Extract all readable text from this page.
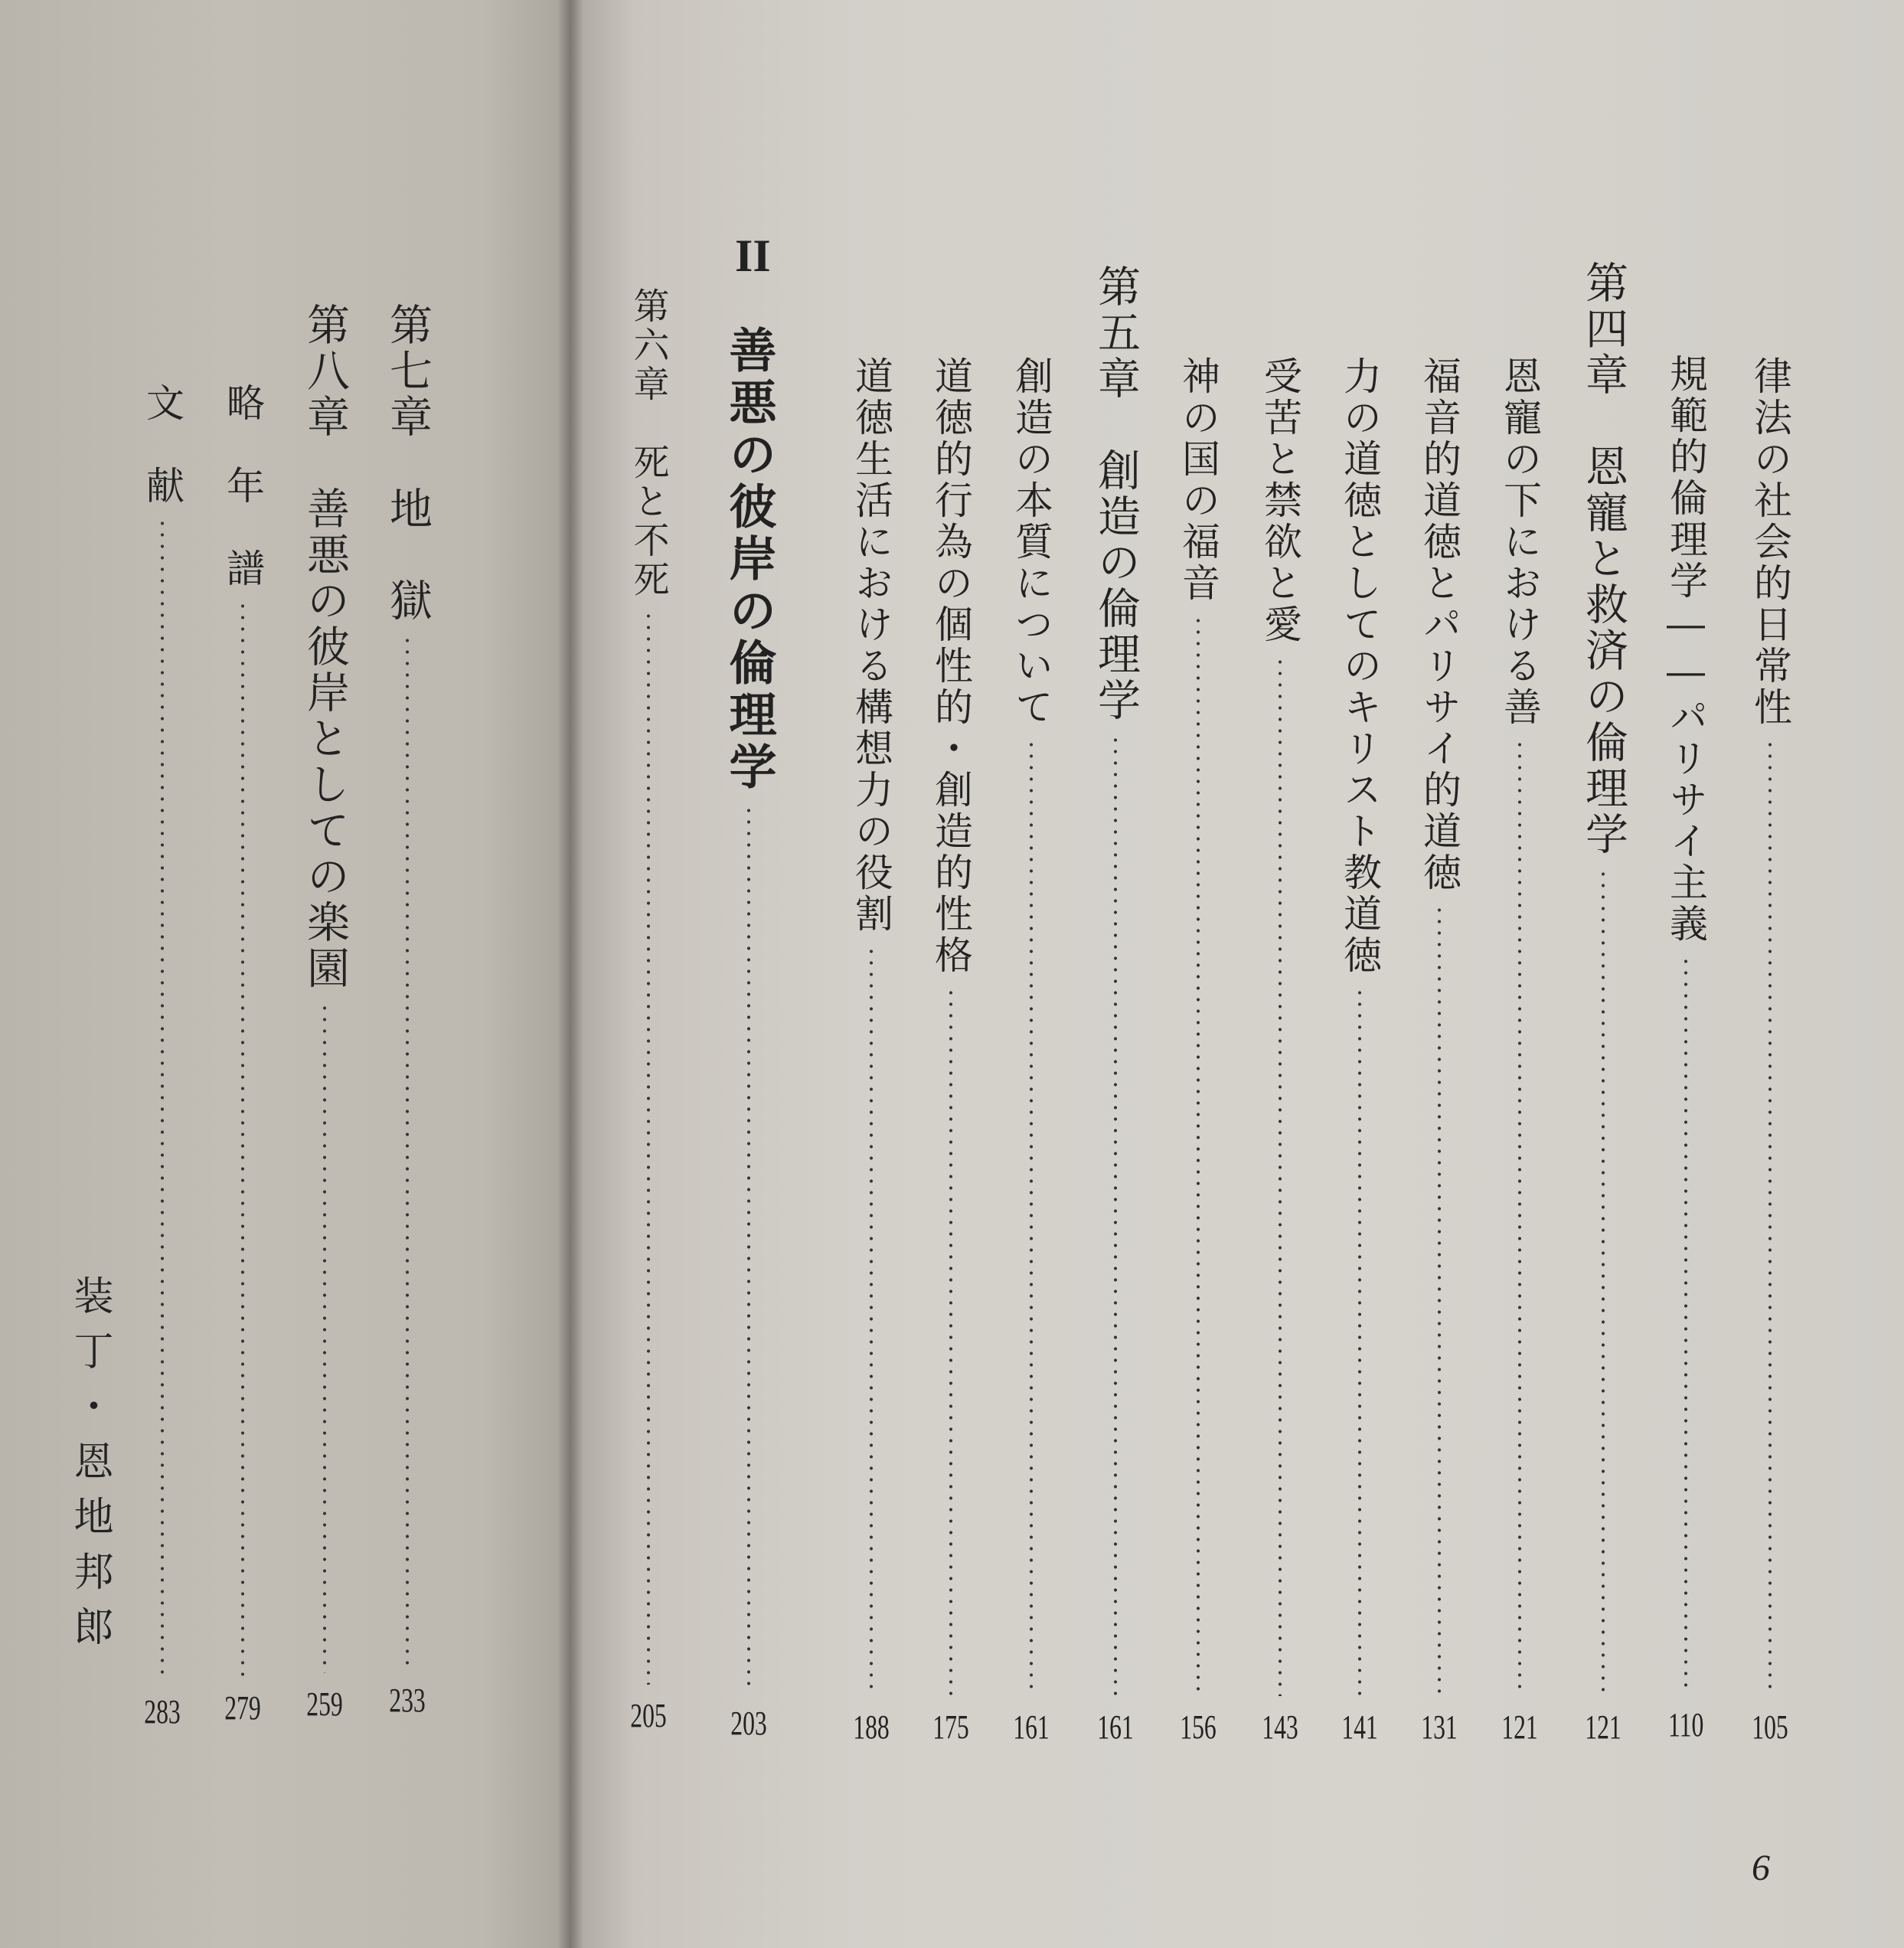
律法の社会的日常性
105
規範的倫理学――パリサイ主義
110
第四章　恩寵と救済の倫理学
121
恩寵の下における善
121
福音的道徳とパリサイ的道徳
131
力の道徳としてのキリスト教道徳
141
受苦と禁欲と愛
143
神の国の福音
156
第五章　創造の倫理学
161
創造の本質について
161
道徳的行為の個性的・創造的性格
175
道徳生活における構想力の役割
188
II
善悪の彼岸の倫理学
203
第六章　死と不死
205
6
第七章　地　獄
233
第八章　善悪の彼岸としての楽園
259
略　年　譜
279
文　献
283
装丁・恩地邦郎
